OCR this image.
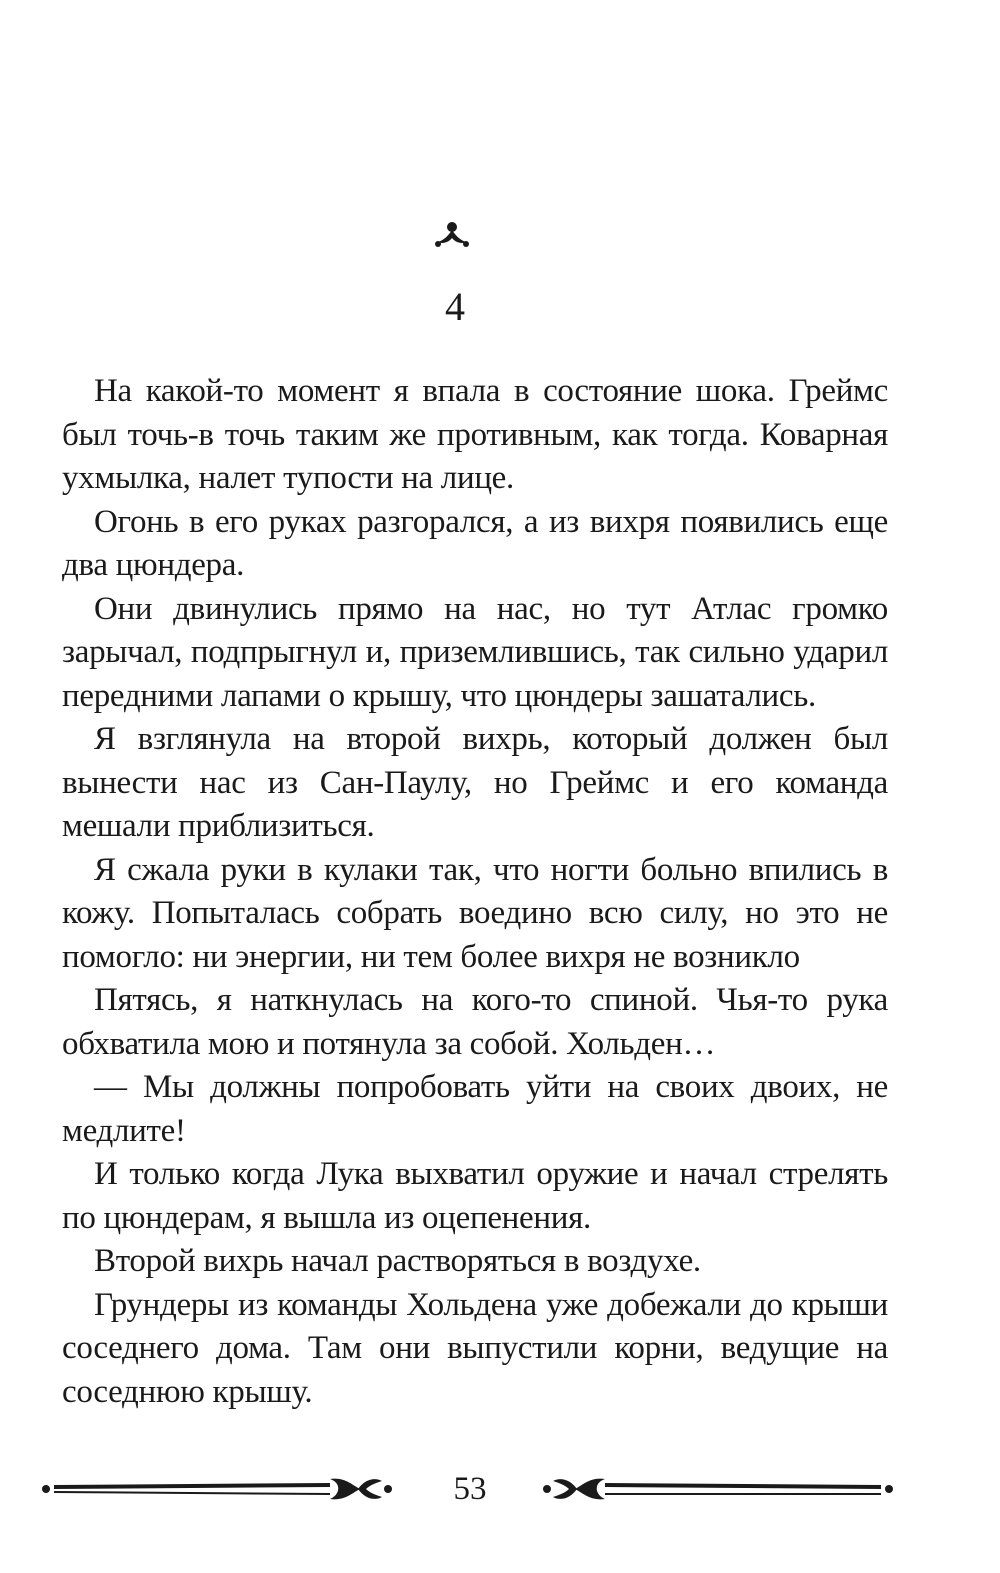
4

На какой-то момент я впала в состояние шока. Греймс был точь-в точь таким же противным, как тогда. Коварная ухмылка, налет тупости на лице.

Огонь в его руках разгорался, а из вихря появились еще два цюндера.

Они двинулись прямо на нас, но тут Атлас громко зарычал, подпрыгнул и, приземлившись, так сильно ударил передними лапами о крышу, что цюндеры зашатались.

Я взглянула на второй вихрь, который должен был вынести нас из Сан-Паулу, но Греймс и его команда мешали приблизиться.

Я сжала руки в кулаки так, что ногти больно впились в кожу. Попыталась собрать воедино всю силу, но это не помогло: ни энергии, ни тем более вихря не возникло

Пятясь, я наткнулась на кого-то спиной. Чья-то рука обхватила мою и потянула за собой. Хольден…

— Мы должны попробовать уйти на своих двоих, не медлите!

И только когда Лука выхватил оружие и начал стрелять по цюндерам, я вышла из оцепенения.

Второй вихрь начал растворяться в воздухе.

Грундеры из команды Хольдена уже добежали до крыши соседнего дома. Там они выпустили корни, ведущие на соседнюю крышу.

53
